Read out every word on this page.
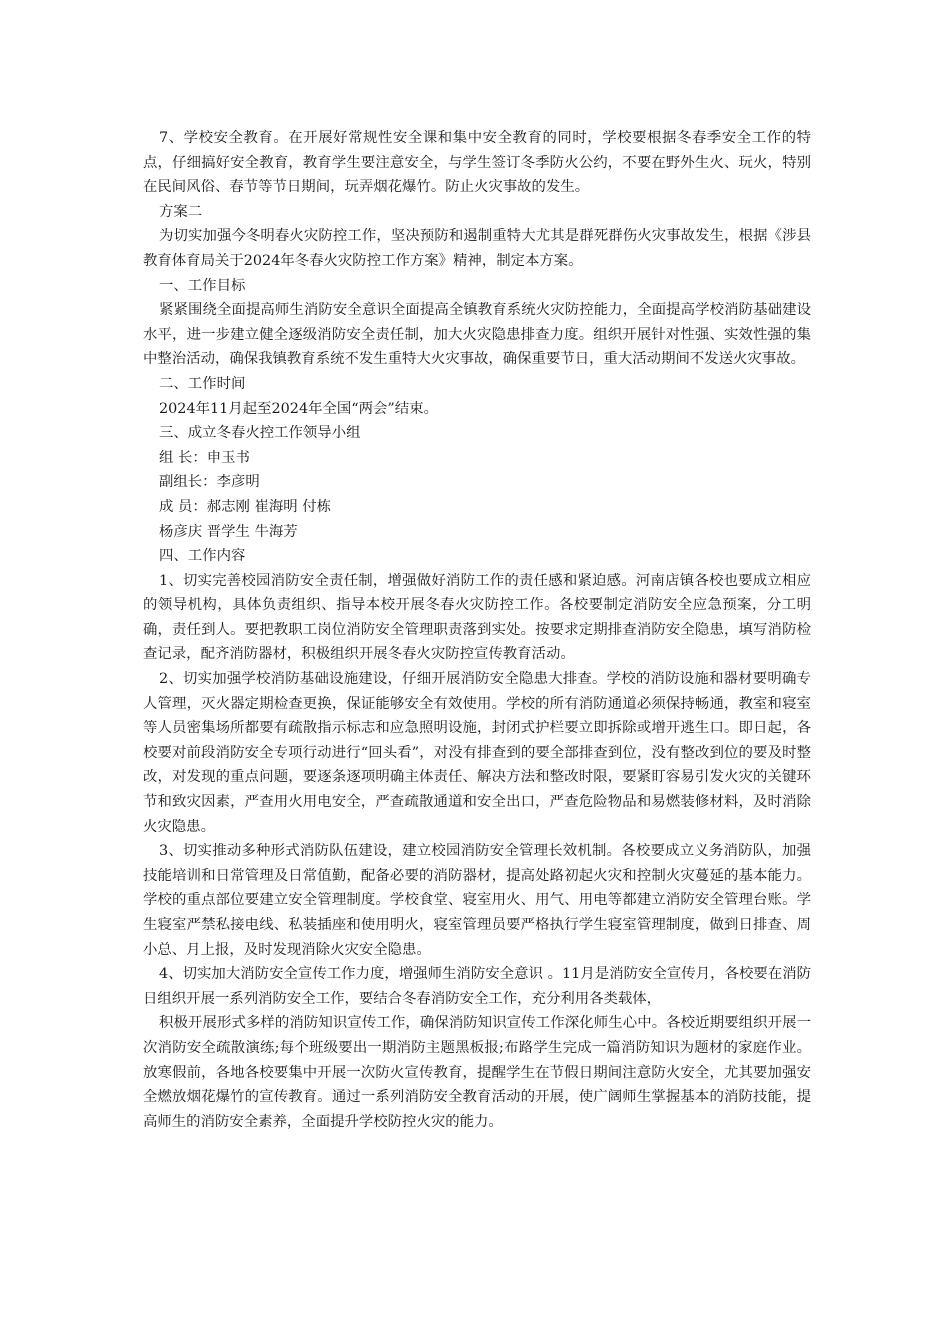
7、学校安全教育。在开展好常规性安全课和集中安全教育的同时，学校要根据冬春季安全工作的特点，仔细搞好安全教育，教育学生要注意安全，与学生签订冬季防火公约，不要在野外生火、玩火，特别在民间风俗、春节等节日期间，玩弄烟花爆竹。防止火灾事故的发生。

方案二

为切实加强今冬明春火灾防控工作，坚决预防和遏制重特大尤其是群死群伤火灾事故发生，根据《涉县教育体育局关于2024年冬春火灾防控工作方案》精神，制定本方案。

一、工作目标

紧紧围绕全面提高师生消防安全意识全面提高全镇教育系统火灾防控能力，全面提高学校消防基础建设水平，进一步建立健全逐级消防安全责任制，加大火灾隐患排查力度。组织开展针对性强、实效性强的集中整治活动，确保我镇教育系统不发生重特大火灾事故，确保重要节日，重大活动期间不发送火灾事故。

二、工作时间

2024年11月起至2024年全国“两会”结束。

三、成立冬春火控工作领导小组

组 长：申玉书

副组长：李彦明

成 员：郝志刚 崔海明 付栋

杨彦庆 晋学生 牛海芳

四、工作内容

1、切实完善校园消防安全责任制，增强做好消防工作的责任感和紧迫感。河南店镇各校也要成立相应的领导机构，具体负责组织、指导本校开展冬春火灾防控工作。各校要制定消防安全应急预案，分工明确，责任到人。要把教职工岗位消防安全管理职责落到实处。按要求定期排查消防安全隐患，填写消防检查记录，配齐消防器材，积极组织开展冬春火灾防控宣传教育活动。

2、切实加强学校消防基础设施建设，仔细开展消防安全隐患大排查。学校的消防设施和器材要明确专人管理，灭火器定期检查更换，保证能够安全有效使用。学校的所有消防通道必须保持畅通，教室和寝室等人员密集场所都要有疏散指示标志和应急照明设施，封闭式护栏要立即拆除或增开逃生口。即日起，各校要对前段消防安全专项行动进行“回头看”，对没有排查到的要全部排查到位，没有整改到位的要及时整改，对发现的重点问题，要逐条逐项明确主体责任、解决方法和整改时限，要紧盯容易引发火灾的关键环节和致灾因素，严查用火用电安全，严查疏散通道和安全出口，严查危险物品和易燃装修材料，及时消除火灾隐患。

3、切实推动多种形式消防队伍建设，建立校园消防安全管理长效机制。各校要成立义务消防队，加强技能培训和日常管理及日常值勤，配备必要的消防器材，提高处路初起火灾和控制火灾蔓延的基本能力。学校的重点部位要建立安全管理制度。学校食堂、寝室用火、用气、用电等都建立消防安全管理台账。学生寝室严禁私接电线、私装插座和使用明火，寝室管理员要严格执行学生寝室管理制度，做到日排查、周小总、月上报，及时发现消除火灾安全隐患。

4、切实加大消防安全宣传工作力度，增强师生消防安全意识 。11月是消防安全宣传月，各校要在消防日组织开展一系列消防安全工作，要结合冬春消防安全工作，充分利用各类载体，

积极开展形式多样的消防知识宣传工作，确保消防知识宣传工作深化师生心中。各校近期要组织开展一次消防安全疏散演练;每个班级要出一期消防主题黑板报;布路学生完成一篇消防知识为题材的家庭作业。放寒假前，各地各校要集中开展一次防火宣传教育，提醒学生在节假日期间注意防火安全，尤其要加强安全燃放烟花爆竹的宣传教育。通过一系列消防安全教育活动的开展，使广阔师生掌握基本的消防技能，提高师生的消防安全素养，全面提升学校防控火灾的能力。
